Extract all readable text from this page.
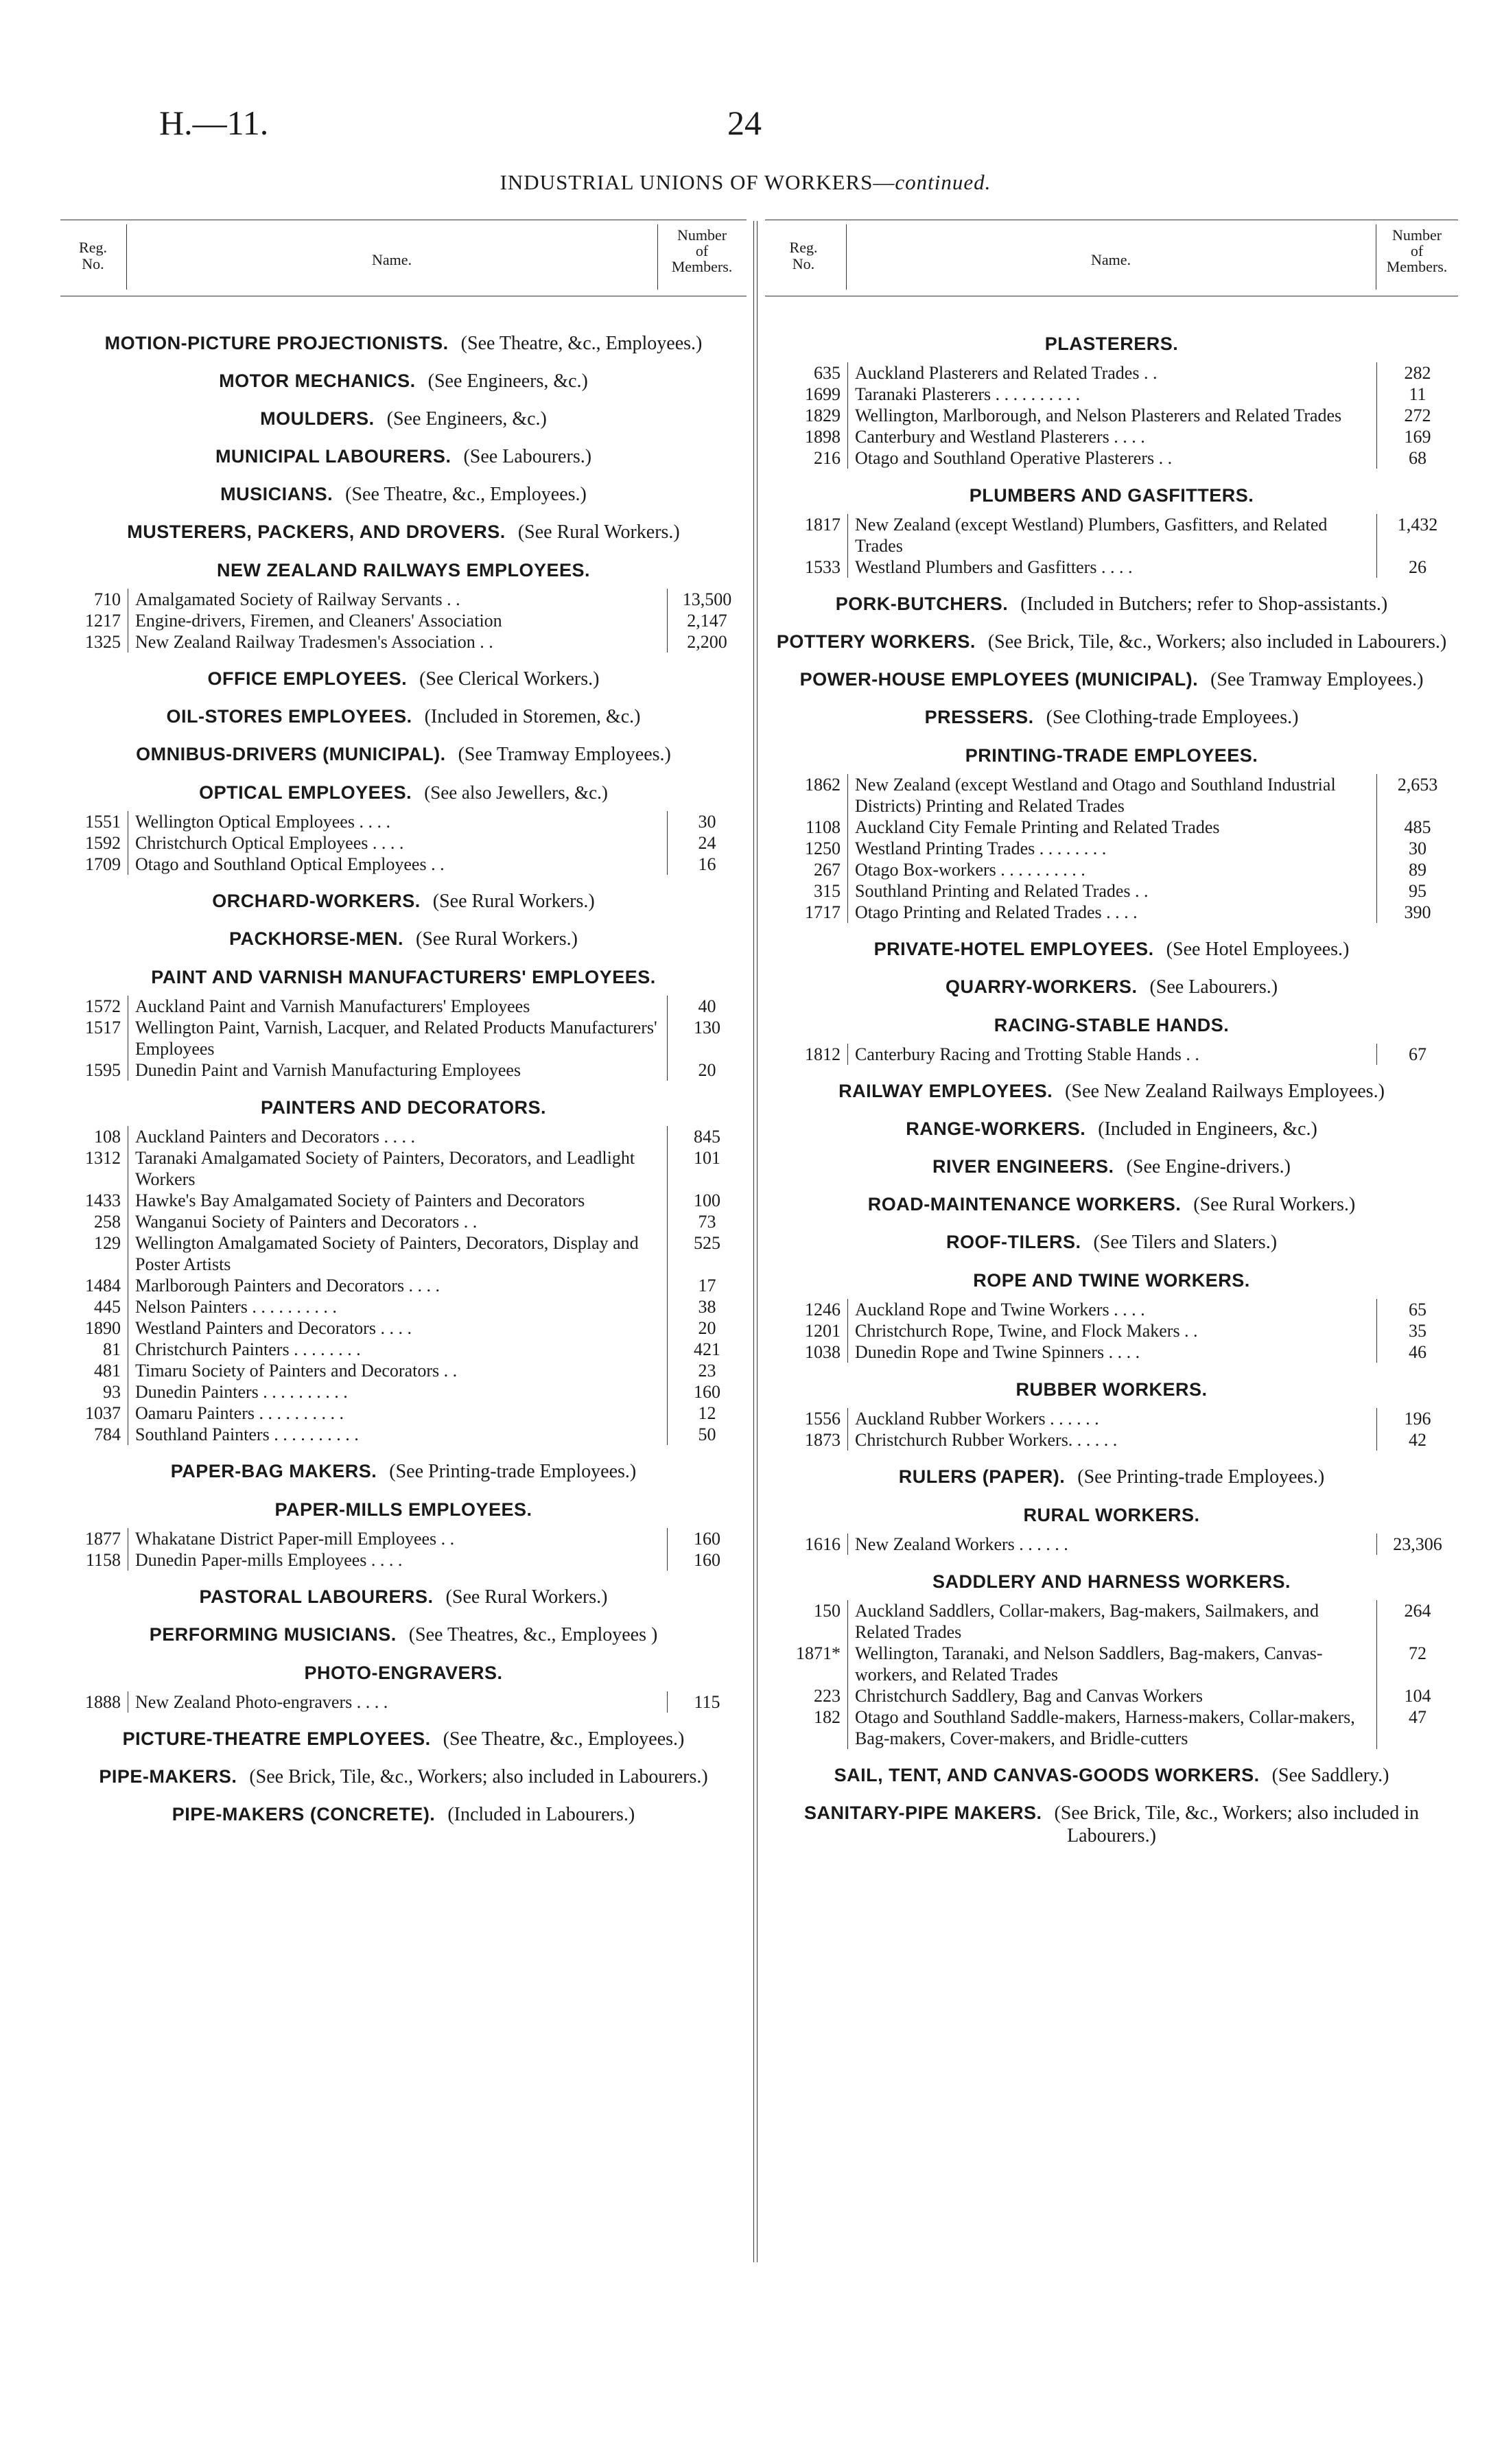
H.—11.	24
INDUSTRIAL UNIONS OF WORKERS—continued.
Reg.
No.	Name.
Number
of
Members.
MOTION-PICTURE PROJECTIONISTS. (See Theatre, &c., Employees.)
MOTOR MECHANICS. (See Engineers, &c.)
MOULDERS. (See Engineers, &c.)
MUNICIPAL LABOURERS. (See Labourers.)
MUSICIANS. (See Theatre, &c., Employees.)
MUSTERERS, PACKERS, AND DROVERS. (See Rural Workers.)
NEW ZEALAND RAILWAYS EMPLOYEES.
710	Amalgamated Society of Railway Servants . .	13,500
1217	Engine-drivers, Firemen, and Cleaners' Association	2,147
1325	New Zealand Railway Tradesmen's Association . .	2,200
OFFICE EMPLOYEES. (See Clerical Workers.)
OIL-STORES EMPLOYEES. (Included in Storemen, &c.)
OMNIBUS-DRIVERS (MUNICIPAL). (See Tramway Employees.)
OPTICAL EMPLOYEES. (See also Jewellers, &c.)
1551	Wellington Optical Employees . . . .	30
1592	Christchurch Optical Employees . . . .	24
1709	Otago and Southland Optical Employees . .	16
ORCHARD-WORKERS. (See Rural Workers.)
PACKHORSE-MEN. (See Rural Workers.)
PAINT AND VARNISH MANUFACTURERS' EMPLOYEES.
1572	Auckland Paint and Varnish Manufacturers' Employees	40
1517	Wellington Paint, Varnish, Lacquer, and Related Products Manufacturers' Employees	130
1595	Dunedin Paint and Varnish Manufacturing Employees	20
PAINTERS AND DECORATORS.
108	Auckland Painters and Decorators . . . .	845
1312	Taranaki Amalgamated Society of Painters, Decorators, and Leadlight Workers	101
1433	Hawke's Bay Amalgamated Society of Painters and Decorators	100
258	Wanganui Society of Painters and Decorators . .	73
129	Wellington Amalgamated Society of Painters, Decorators, Display and Poster Artists	525
1484	Marlborough Painters and Decorators . . . .	17
445	Nelson Painters . . . . . . . . . .	38
1890	Westland Painters and Decorators . . . .	20
81	Christchurch Painters . . . . . . . .	421
481	Timaru Society of Painters and Decorators . .	23
93	Dunedin Painters . . . . . . . . . .	160
1037	Oamaru Painters . . . . . . . . . .	12
784	Southland Painters . . . . . . . . . .	50
PAPER-BAG MAKERS. (See Printing-trade Employees.)
PAPER-MILLS EMPLOYEES.
1877	Whakatane District Paper-mill Employees . .	160
1158	Dunedin Paper-mills Employees . . . .	160
PASTORAL LABOURERS. (See Rural Workers.)
PERFORMING MUSICIANS. (See Theatres, &c., Employees )
PHOTO-ENGRAVERS.
1888	New Zealand Photo-engravers . . . .	115
PICTURE-THEATRE EMPLOYEES. (See Theatre, &c., Employees.)
PIPE-MAKERS. (See Brick, Tile, &c., Workers; also included in Labourers.)
PIPE-MAKERS (CONCRETE). (Included in Labourers.)
Reg.
No.	Name.
Number
of
Members.
PLASTERERS.
635	Auckland Plasterers and Related Trades . .	282
1699	Taranaki Plasterers . . . . . . . . . .	11
1829	Wellington, Marlborough, and Nelson Plasterers and Related Trades	272
1898	Canterbury and Westland Plasterers . . . .	169
216	Otago and Southland Operative Plasterers . .	68
PLUMBERS AND GASFITTERS.
1817	New Zealand (except Westland) Plumbers, Gasfitters, and Related Trades	1,432
1533	Westland Plumbers and Gasfitters . . . .	26
PORK-BUTCHERS. (Included in Butchers; refer to Shop-assistants.)
POTTERY WORKERS. (See Brick, Tile, &c., Workers; also included in Labourers.)
POWER-HOUSE EMPLOYEES (MUNICIPAL). (See Tramway Employees.)
PRESSERS. (See Clothing-trade Employees.)
PRINTING-TRADE EMPLOYEES.
1862	New Zealand (except Westland and Otago and Southland Industrial Districts) Printing and Related Trades	2,653
1108	Auckland City Female Printing and Related Trades	485
1250	Westland Printing Trades . . . . . . . .	30
267	Otago Box-workers . . . . . . . . . .	89
315	Southland Printing and Related Trades . .	95
1717	Otago Printing and Related Trades . . . .	390
PRIVATE-HOTEL EMPLOYEES. (See Hotel Employees.)
QUARRY-WORKERS. (See Labourers.)
RACING-STABLE HANDS.
1812	Canterbury Racing and Trotting Stable Hands . .	67
RAILWAY EMPLOYEES. (See New Zealand Railways Employees.)
RANGE-WORKERS. (Included in Engineers, &c.)
RIVER ENGINEERS. (See Engine-drivers.)
ROAD-MAINTENANCE WORKERS. (See Rural Workers.)
ROOF-TILERS. (See Tilers and Slaters.)
ROPE AND TWINE WORKERS.
1246	Auckland Rope and Twine Workers . . . .	65
1201	Christchurch Rope, Twine, and Flock Makers . .	35
1038	Dunedin Rope and Twine Spinners . . . .	46
RUBBER WORKERS.
1556	Auckland Rubber Workers . . . . . .	196
1873	Christchurch Rubber Workers. . . . . .	42
RULERS (PAPER). (See Printing-trade Employees.)
RURAL WORKERS.
1616	New Zealand Workers . . . . . .	23,306
SADDLERY AND HARNESS WORKERS.
150	Auckland Saddlers, Collar-makers, Bag-makers, Sailmakers, and Related Trades	264
1871*	Wellington, Taranaki, and Nelson Saddlers, Bag-makers, Canvas-workers, and Related Trades	72
223	Christchurch Saddlery, Bag and Canvas Workers	104
182	Otago and Southland Saddle-makers, Harness-makers, Collar-makers, Bag-makers, Cover-makers, and Bridle-cutters	47
SAIL, TENT, AND CANVAS-GOODS WORKERS. (See Saddlery.)
SANITARY-PIPE MAKERS. (See Brick, Tile, &c., Workers; also included in Labourers.)
